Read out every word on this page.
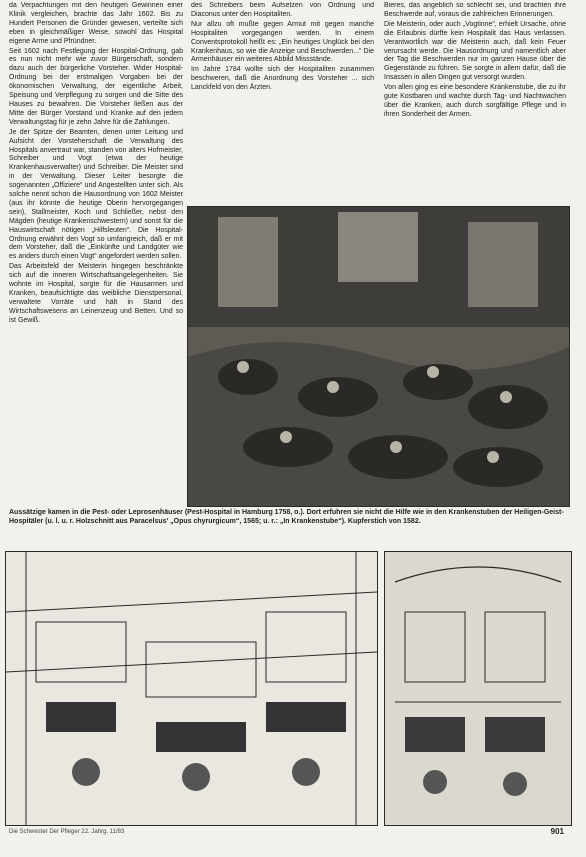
da Verpachtungen mit den heutigen Gewinnen einer Klinik vergleichen, brachte das Jahr 1602. Bis zu Hundert Personen die Gründer gewesen, verteilte sich eben in gleichmäßiger Weise, sowohl das Hospital eigene Arme und Pfründner.

Seit 1602 nach Festlegung der Hospital-Ordnung, gab es nun nicht mehr wie zuvor Bürgerschaft, sondern dazu auch der bürgerliche Vorsteher. Wider Hospital-Ordnung bei der erstmaligen Vorgaben bei der ökonomischen Verwaltung, der eigentliche Arbeit, Speisung und Verpflegung zu sorgen und die Sitte des Hauses zu bewahren. Die Vorsteher ließen aus der Mitte der Bürger Vorstand und Kranke auf den jedem Verwaltungstag für je zehn Jahre für die Zahlungen.

Je der Spitze der Beamten, denen unter Leitung und Aufsicht der Vorsteherschaft die Verwaltung des Hospitals anvertraut war, standen von alters Hofmeister, Schreiber und Vogt (etwa der heutige Krankenhausverwalter) und Schreiber. Die Meister sind in der Verwaltung. Dieser Leiter besorgte die sogenannten „Offiziere“ und Angestellten unter sich. Als solche nennt schon die Hausordnung von 1602 Meister (aus ihr könnte die heutige Oberin hervorgegangen sein), Stallmeister, Koch und Schließer, nebst den Mägden (heutige Krankenschwestern) und sonst für die Hauswirtschaft nötigen „Hilfsleuten“. Die Hospital-Ordnung erwähnt den Vogt so umfangreich, daß er mit dem Vorsteher, daß die „Einkünfte und Landgüter wie es anders durch einen Vogt“ angefordert werden sollen.

Das Arbeitsfeld der Meisterin hingegen beschränkte sich auf die inneren Wirtschaftsangelegenheiten. Sie wohnte im Hospital, sorgte für die Hausarmen und Kranken, beaufsichtigte das weibliche Dienstpersonal, verwaltete Vorräte und hält in Stand des Wirtschaftswesens an Leinenzeug und Betten. Und so ist Gewiß.

des Schreibers beim Aufsetzen von Ordnung und Diaconus unter den Hospitaliten.

Nur allzu oft mußte gegen Armut mit gegen manche Hospitaliten vorgegangen werden. In einem Conventsprotokoll heißt es: „Ein heutiges Unglück bei den Krankenhaus, so wie die Anzeige und Beschwerden...“ Die Armenhäuser ein weiteres Abbild Missstände.

Im Jahre 1784 wollte sich der Hospitaliten zusammen beschweren, daß die Anordnung des Vorsteher ... sich Lanckfeld von den Ärzten.

Bieres, das angeblich so schlecht sei, und brachten ihre Beschwerde auf, voraus die zahlreichen Erinnerungen.

Die Meisterin, oder auch „Vogtinne“, erhielt Ursache, ohne die Erlaubnis dürfte kein Hospitalit das Haus verlassen. Verantwortlich war die Meisterin auch, daß kein Feuer verursacht werde. Die Hausordnung und namentlich aber der Tag die Beschwerden nur im ganzen Hause über die Gegenstände zu führen. Sie sorgte in allem dafür, daß die Insassen in allen Dingen gut versorgt wurden.

Von allen ging es eine besondere Krankenstube, die zu ihr gute Kostbaren und wachte durch Tag- und Nachtwachen über die Kranken, auch durch sorgfältige Pflege und in ihren Sonderheit der Armen.

Aussätzige kamen in die Pest- oder Leprosenhäuser (Pest-Hospital in Hamburg 1758, o.). Dort erfuhren sie nicht die Hilfe wie in den Krankenstuben der Heiligen-Geist-Hospitäler (u. l. u. r. Holzschnitt aus Paracelsus' „Opus chyrurgicum“, 1565; u. r.: „In Krankenstube“). Kupferstich von 1582.
Die Schwester Der Pfleger 22. Jahrg. 11/83	901
